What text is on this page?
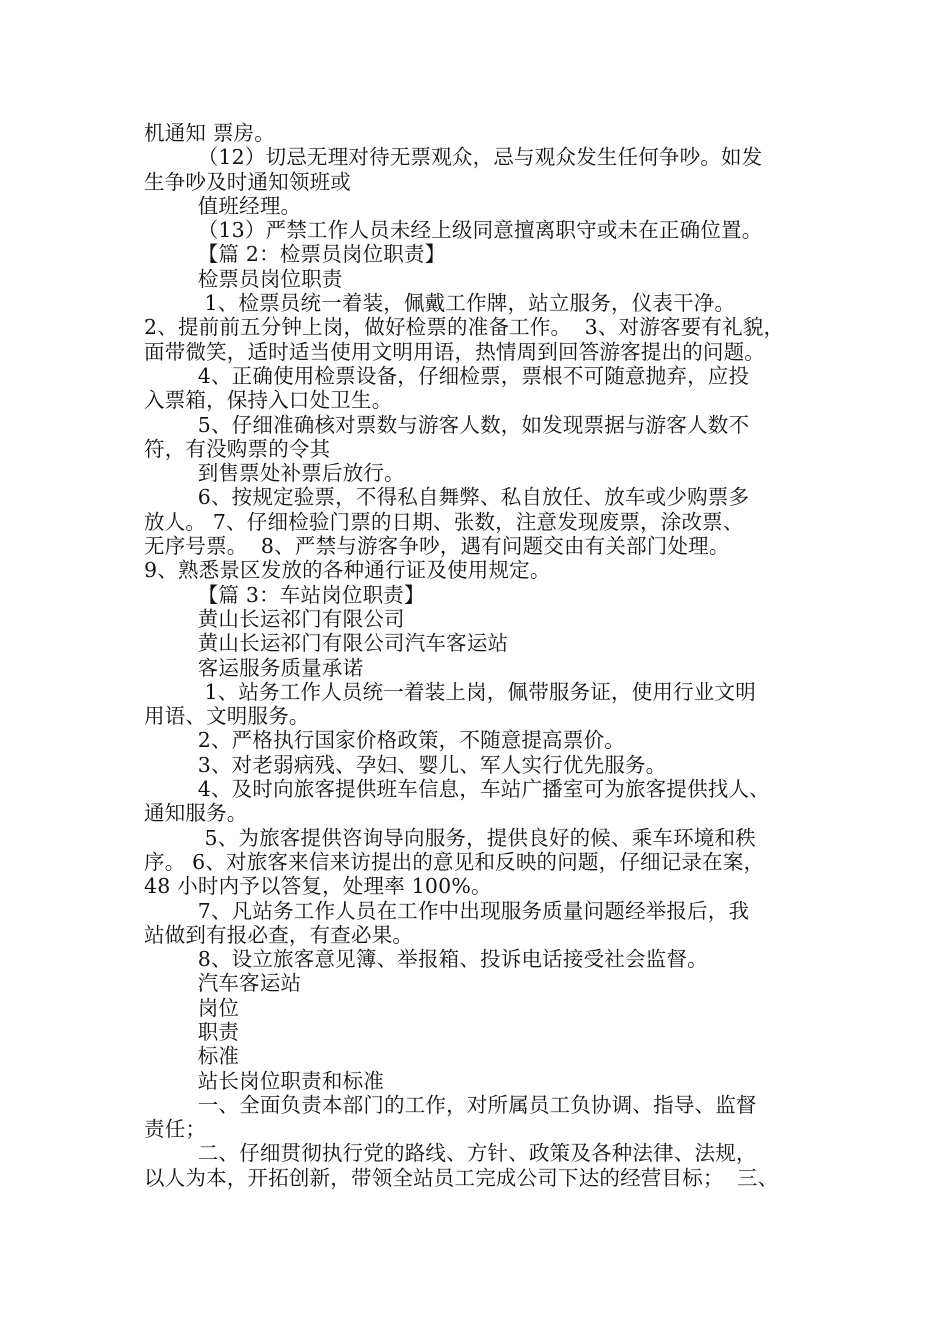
机通知 票房。
（12）切忌无理对待无票观众，忌与观众发生任何争吵。如发
生争吵及时通知领班或
值班经理。
（13）严禁工作人员未经上级同意擅离职守或未在正确位置。
【篇 2：检票员岗位职责】
检票员岗位职责
1、检票员统一着装，佩戴工作牌，站立服务，仪表干净。
2、提前前五分钟上岗，做好检票的准备工作。  3、对游客要有礼貌，
面带微笑，适时适当使用文明用语，热情周到回答游客提出的问题。
4、正确使用检票设备，仔细检票，票根不可随意抛弃，应投
入票箱，保持入口处卫生。
5、仔细准确核对票数与游客人数，如发现票据与游客人数不
符，有没购票的令其
到售票处补票后放行。
6、按规定验票，不得私自舞弊、私自放任、放车或少购票多
放人。 7、仔细检验门票的日期、张数，注意发现废票，涂改票、
无序号票。  8、严禁与游客争吵，遇有问题交由有关部门处理。
9、熟悉景区发放的各种通行证及使用规定。
【篇 3：车站岗位职责】
黄山长运祁门有限公司
黄山长运祁门有限公司汽车客运站
客运服务质量承诺
1、站务工作人员统一着装上岗，佩带服务证，使用行业文明
用语、文明服务。
2、严格执行国家价格政策，不随意提高票价。
3、对老弱病残、孕妇、婴儿、军人实行优先服务。
4、及时向旅客提供班车信息，车站广播室可为旅客提供找人、
通知服务。
5、为旅客提供咨询导向服务，提供良好的候、乘车环境和秩
序。 6、对旅客来信来访提出的意见和反映的问题，仔细记录在案，
48 小时内予以答复，处理率 100%。
7、凡站务工作人员在工作中出现服务质量问题经举报后，我
站做到有报必查，有查必果。
8、设立旅客意见簿、举报箱、投诉电话接受社会监督。
汽车客运站
岗位
职责
标准
站长岗位职责和标准
一、全面负责本部门的工作，对所属员工负协调、指导、监督
责任；
二、仔细贯彻执行党的路线、方针、政策及各种法律、法规，
以人为本，开拓创新，带领全站员工完成公司下达的经营目标；  三、
